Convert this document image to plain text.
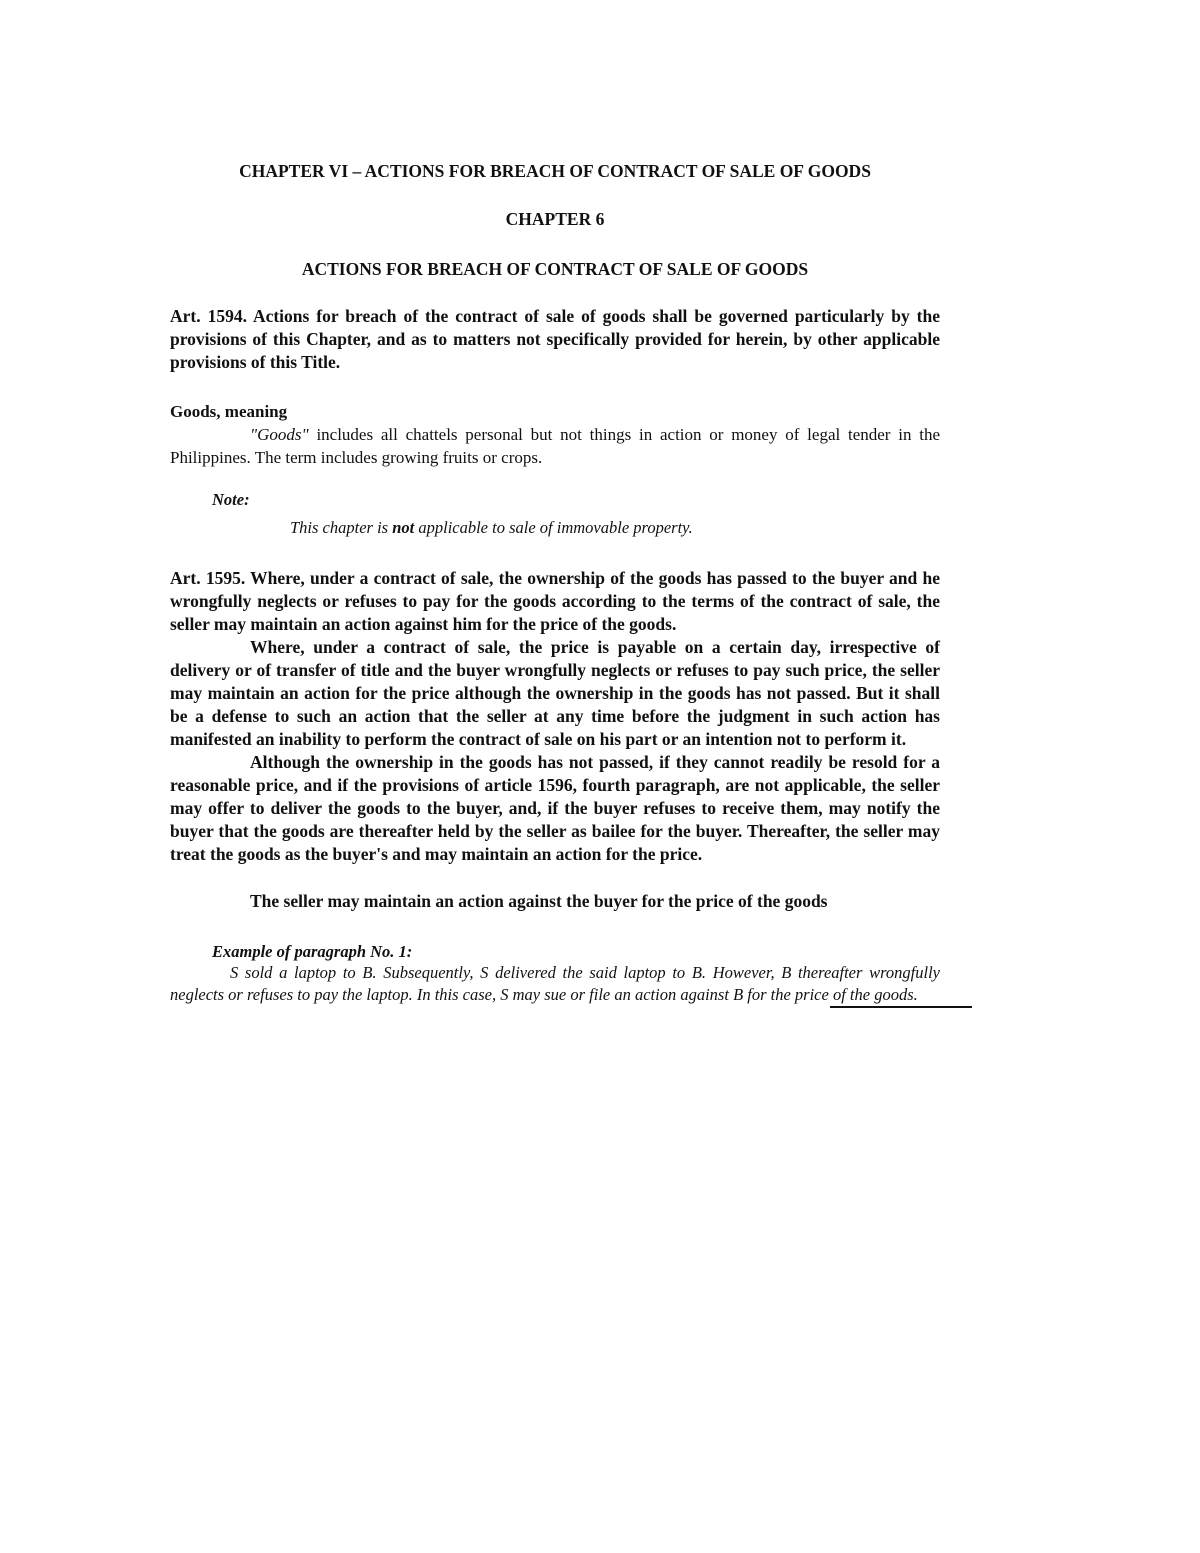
CHAPTER VI – ACTIONS FOR BREACH OF CONTRACT OF SALE OF GOODS
CHAPTER 6
ACTIONS FOR BREACH OF CONTRACT OF SALE OF GOODS

Art. 1594. Actions for breach of the contract of sale of goods shall be governed particularly by the provisions of this Chapter, and as to matters not specifically provided for herein, by other applicable provisions of this Title.

Goods, meaning

"Goods" includes all chattels personal but not things in action or money of legal tender in the Philippines. The term includes growing fruits or crops.

Note:

This chapter is not applicable to sale of immovable property.

Art. 1595. Where, under a contract of sale, the ownership of the goods has passed to the buyer and he wrongfully neglects or refuses to pay for the goods according to the terms of the contract of sale, the seller may maintain an action against him for the price of the goods.

Where, under a contract of sale, the price is payable on a certain day, irrespective of delivery or of transfer of title and the buyer wrongfully neglects or refuses to pay such price, the seller may maintain an action for the price although the ownership in the goods has not passed. But it shall be a defense to such an action that the seller at any time before the judgment in such action has manifested an inability to perform the contract of sale on his part or an intention not to perform it.

Although the ownership in the goods has not passed, if they cannot readily be resold for a reasonable price, and if the provisions of article 1596, fourth paragraph, are not applicable, the seller may offer to deliver the goods to the buyer, and, if the buyer refuses to receive them, may notify the buyer that the goods are thereafter held by the seller as bailee for the buyer. Thereafter, the seller may treat the goods as the buyer's and may maintain an action for the price.

The seller may maintain an action against the buyer for the price of the goods

Example of paragraph No. 1:

S sold a laptop to B. Subsequently, S delivered the said laptop to B. However, B thereafter wrongfully neglects or refuses to pay the laptop. In this case, S may sue or file an action against B for the price of the goods.
